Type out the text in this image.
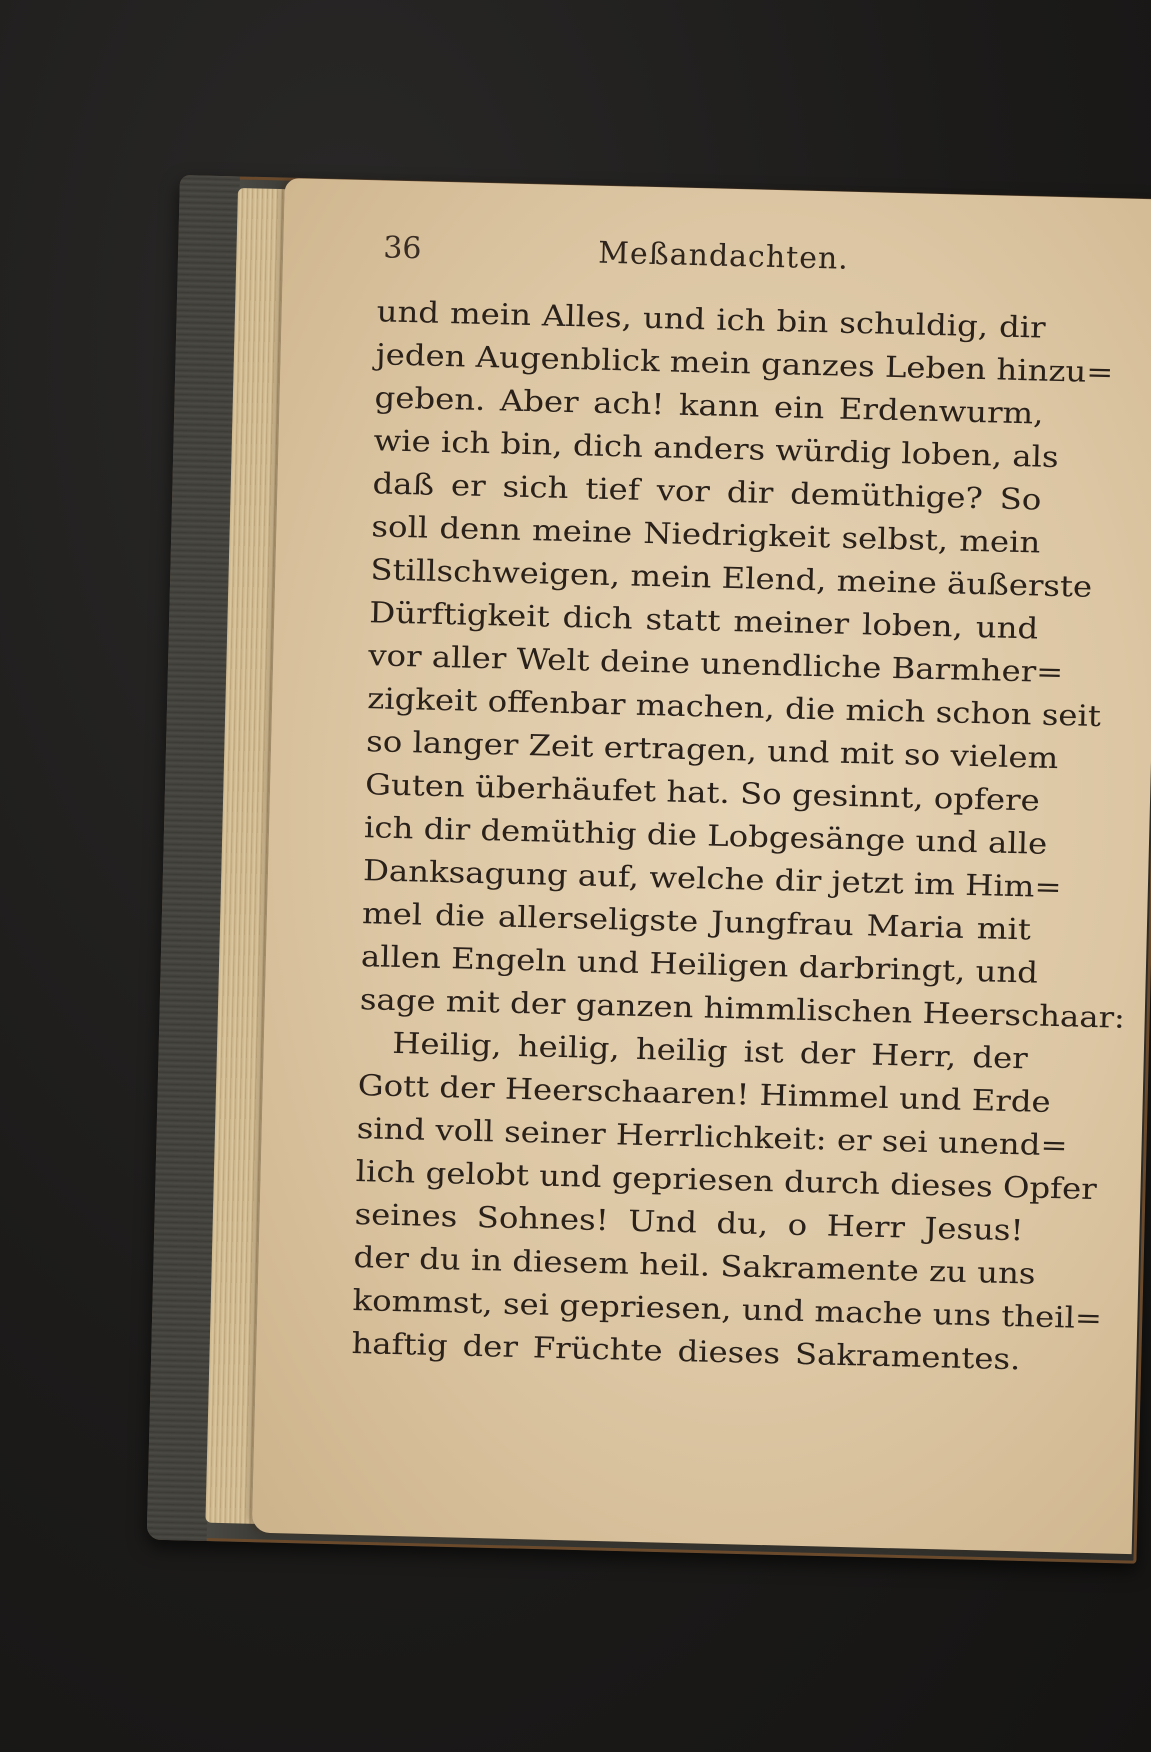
36	Meßandachten.
und mein Alles, und ich bin schuldig, dir
jeden Augenblick mein ganzes Leben hinzu=
geben. Aber ach! kann ein Erdenwurm,
wie ich bin, dich anders würdig loben, als
daß er sich tief vor dir demüthige? So
soll denn meine Niedrigkeit selbst, mein
Stillschweigen, mein Elend, meine äußerste
Dürftigkeit dich statt meiner loben, und
vor aller Welt deine unendliche Barmher=
zigkeit offenbar machen, die mich schon seit
so langer Zeit ertragen, und mit so vielem
Guten überhäufet hat. So gesinnt, opfere
ich dir demüthig die Lobgesänge und alle
Danksagung auf, welche dir jetzt im Him=
mel die allerseligste Jungfrau Maria mit
allen Engeln und Heiligen darbringt, und
sage mit der ganzen himmlischen Heerschaar:
Heilig, heilig, heilig ist der Herr, der
Gott der Heerschaaren! Himmel und Erde
sind voll seiner Herrlichkeit: er sei unend=
lich gelobt und gepriesen durch dieses Opfer
seines Sohnes! Und du, o Herr Jesus!
der du in diesem heil. Sakramente zu uns
kommst, sei gepriesen, und mache uns theil=
haftig der Früchte dieses Sakramentes.
